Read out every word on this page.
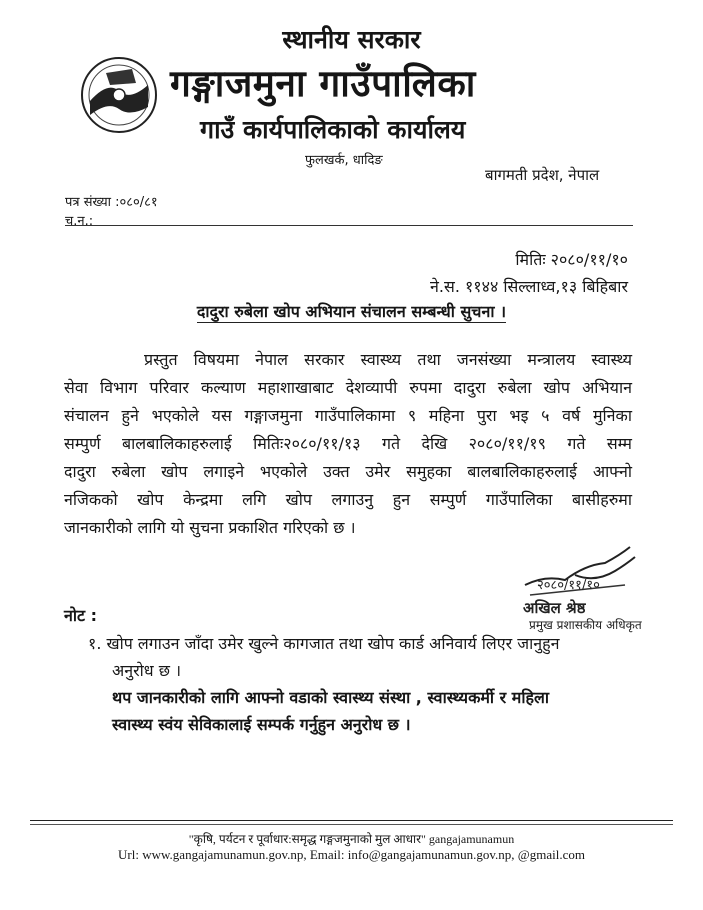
स्थानीय सरकार
गङ्गाजमुना गाउँपालिका
गाउँ कार्यपालिकाको कार्यालय
फुलखर्क, धादिङ
बागमती प्रदेश, नेपाल
पत्र संख्या :०८०/८१
च.न.:
मितिः २०८०/११/१०
ने.स. ११४४ सिल्लाध्व,१३ बिहिबार
दादुरा रुबेला खोप अभियान संचालन सम्बन्धी सुचना ।
प्रस्तुत विषयमा नेपाल सरकार स्वास्थ्य तथा जनसंख्या मन्त्रालय स्वास्थ्य
सेवा विभाग परिवार कल्याण महाशाखाबाट देशव्यापी रुपमा दादुरा रुबेला खोप अभियान
संचालन हुने भएकोले यस गङ्गाजमुना गाउँपालिकामा ९ महिना पुरा भइ ५ वर्ष मुनिका
सम्पुर्ण बालबालिकाहरुलाई मितिः२०८०/११/१३ गते देखि २०८०/११/१९ गते सम्म
दादुरा रुबेला खोप लगाइने भएकोले उक्त उमेर समुहका बालबालिकाहरुलाई आफ्नो
नजिकको खोप केन्द्रमा लगि खोप लगाउनु हुन सम्पुर्ण गाउँपालिका बासीहरुमा
जानकारीको लागि यो सुचना प्रकाशित गरिएको छ ।
२०८०/११/१०
अखिल श्रेष्ठ
प्रमुख प्रशासकीय अधिकृत
नोट :
१. खोप लगाउन जाँदा उमेर खुल्ने कागजात तथा खोप कार्ड अनिवार्य लिएर जानुहुन
अनुरोध छ ।
थप जानकारीको लागि आफ्नो वडाको स्वास्थ्य संस्था , स्वास्थ्यकर्मी र महिला
स्वास्थ्य स्वंय सेविकालाई सम्पर्क गर्नुहुन अनुरोध छ ।
"कृषि, पर्यटन र पूर्वाधार:समृद्ध गङ्गजमुनाको मुल आधार" gangajamunamun
Url: www.gangajamunamun.gov.np, Email: info@gangajamunamun.gov.np, @gmail.com
